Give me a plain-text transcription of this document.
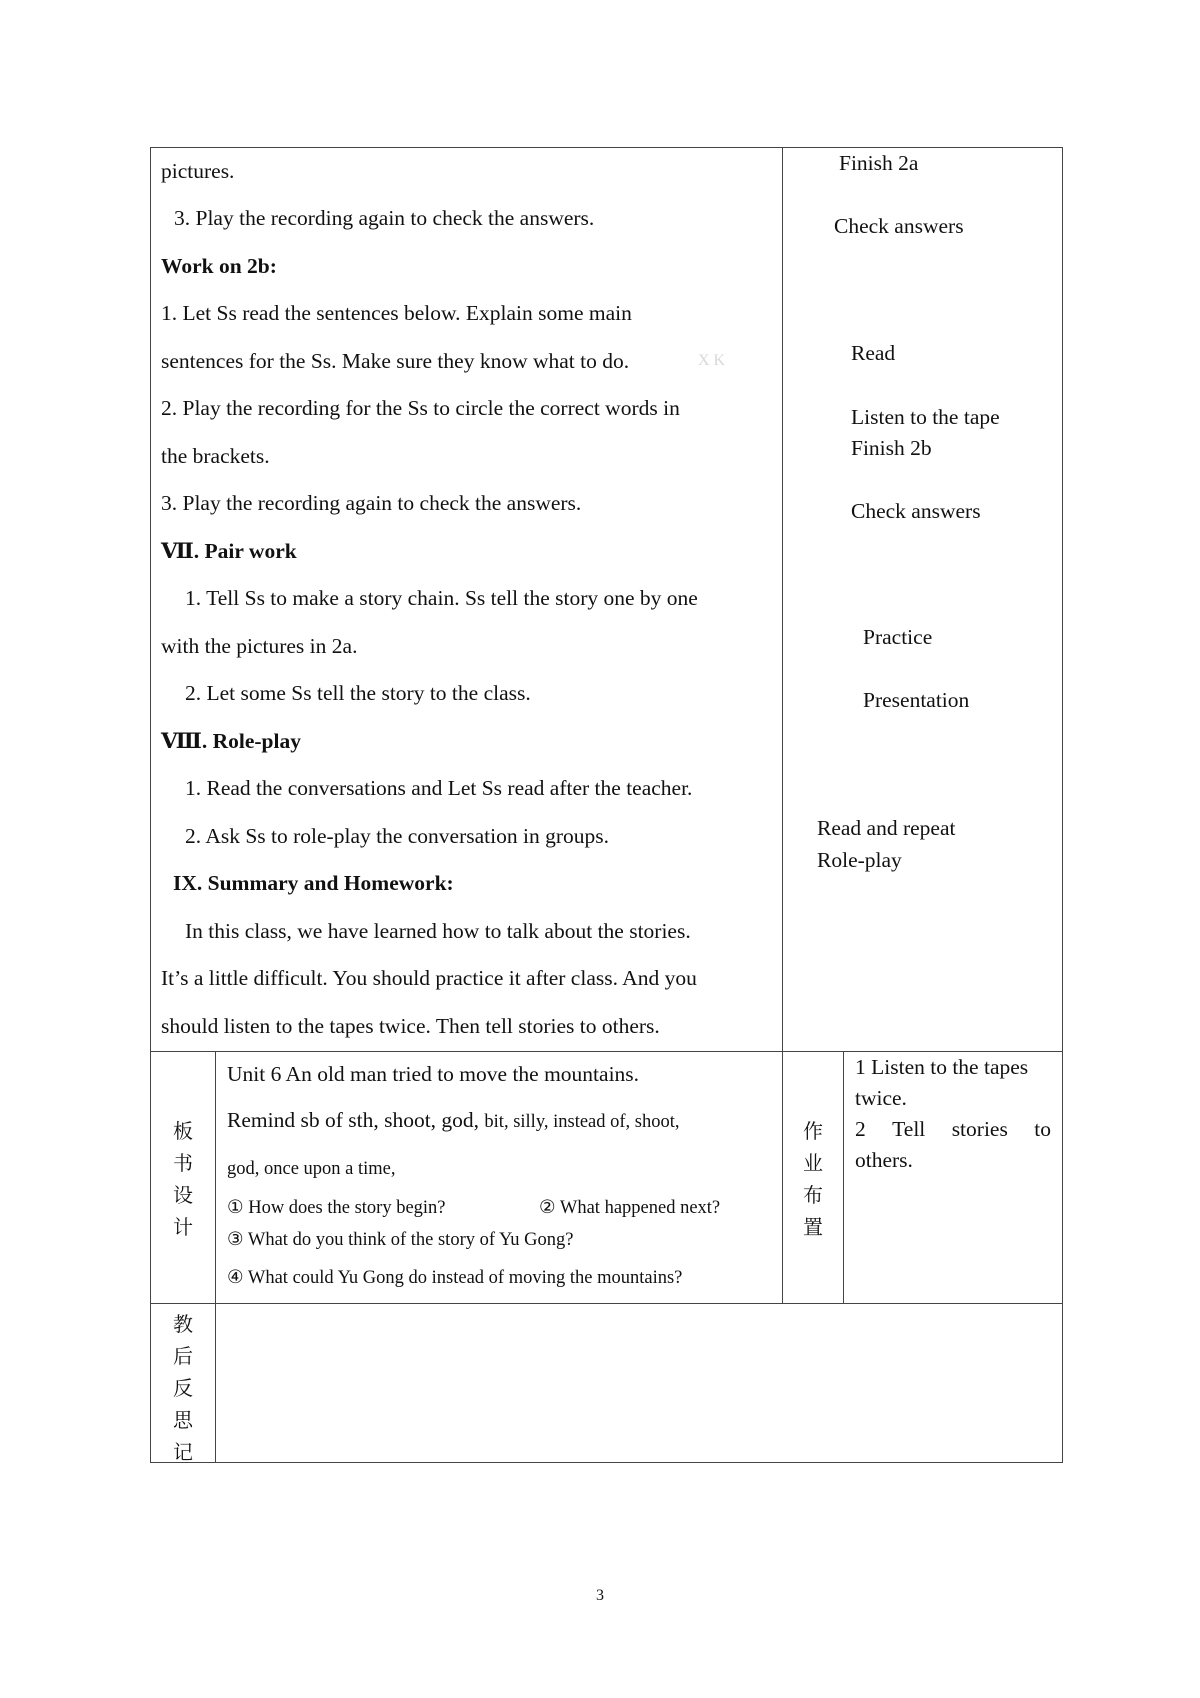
pictures.
3. Play the recording again to check the answers.
Work on 2b:
1. Let Ss read the sentences below. Explain some main
sentences for the Ss. Make sure they know what to do.	X K
2. Play the recording for the Ss to circle the correct words in
the brackets.
3. Play the recording again to check the answers.
Ⅶ. Pair work
1. Tell Ss to make a story chain. Ss tell the story one by one
with the pictures in 2a.
2. Let some Ss tell the story to the class.
Ⅷ. Role-play
1. Read the conversations and Let Ss read after the teacher.
2. Ask Ss to role-play the conversation in groups.
IX. Summary and Homework:
In this class, we have learned how to talk about the stories.
It’s a little difficult. You should practice it after class. And you
should listen to the tapes twice. Then tell stories to others.
Finish 2a
Check answers
Read
Listen to the tape
Finish 2b
Check answers
Practice
Presentation
Read and repeat
Role-play
板
书
设
计
Unit 6 An old man tried to move the mountains.
Remind sb of sth, shoot, god, bit, silly, instead of, shoot,
god, once upon a time,
① How does the story begin?	② What happened next?
③ What do you think of the story of Yu Gong?
④ What could Yu Gong do instead of moving the mountains?
作
业
布
置
1 Listen to the tapes
twice.
2 Tell stories to
others.
教
后
反
思
记
3
